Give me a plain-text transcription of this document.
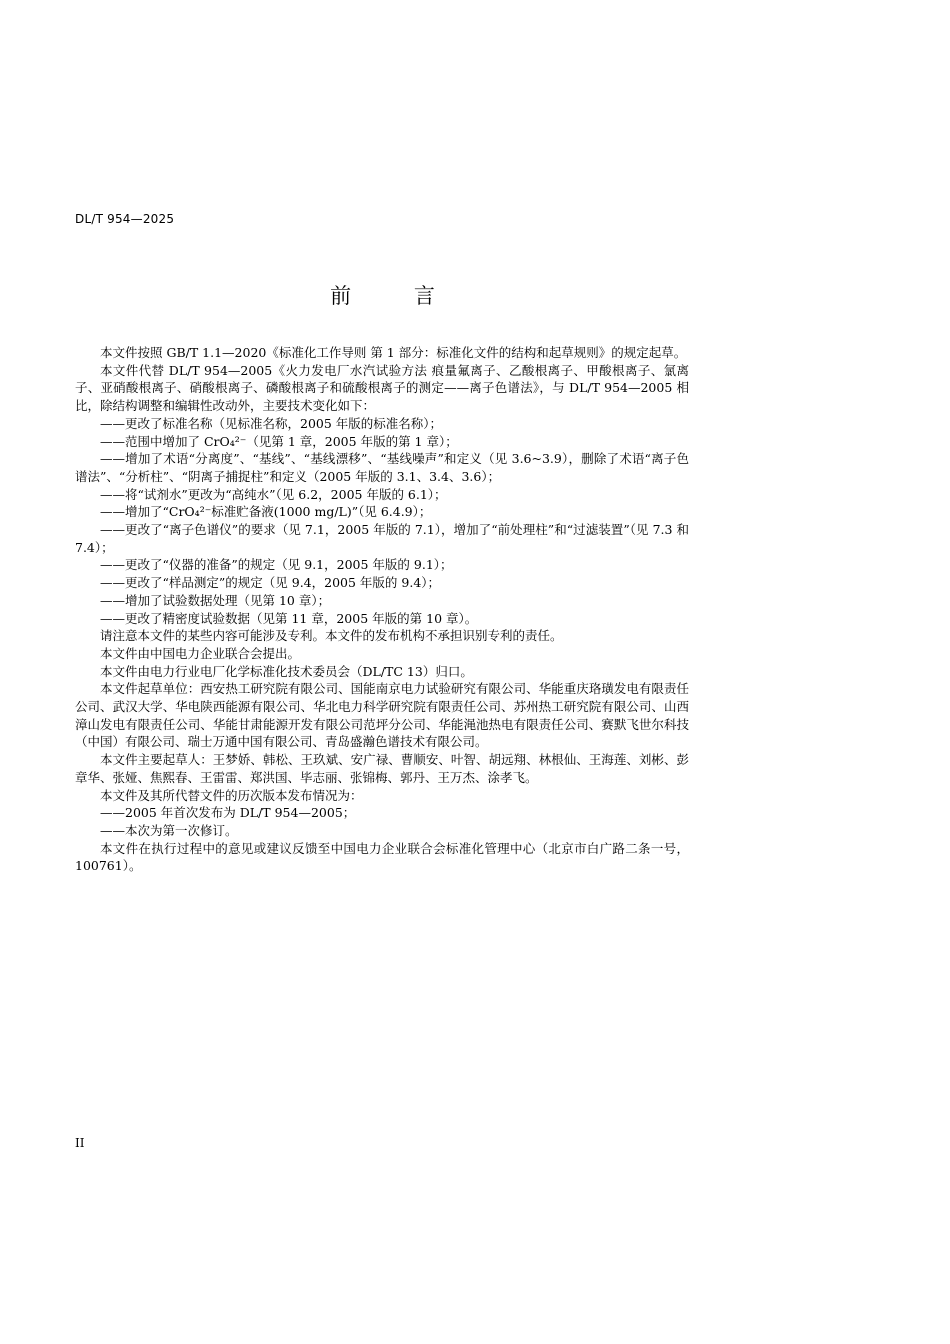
DL/T 954—2025
前 言

本文件按照 GB/T 1.1—2020《标准化工作导则 第 1 部分：标准化文件的结构和起草规则》的规定起草。

本文件代替 DL/T 954—2005《火力发电厂水汽试验方法 痕量氟离子、乙酸根离子、甲酸根离子、氯离子、亚硝酸根离子、硝酸根离子、磷酸根离子和硫酸根离子的测定——离子色谱法》，与 DL/T 954—2005 相比，除结构调整和编辑性改动外，主要技术变化如下：

——更改了标准名称（见标准名称，2005 年版的标准名称）；

——范围中增加了 CrO₄²⁻（见第 1 章，2005 年版的第 1 章）；

——增加了术语“分离度”、“基线”、“基线漂移”、“基线噪声”和定义（见 3.6~3.9），删除了术语“离子色谱法”、“分析柱”、“阴离子捕捉柱”和定义（2005 年版的 3.1、3.4、3.6）；

——将“试剂水”更改为“高纯水”（见 6.2，2005 年版的 6.1）；

——增加了“CrO₄²⁻标准贮备液(1000 mg/L)”（见 6.4.9）；

——更改了“离子色谱仪”的要求（见 7.1，2005 年版的 7.1），增加了“前处理柱”和“过滤装置”（见 7.3 和 7.4）；

——更改了“仪器的准备”的规定（见 9.1，2005 年版的 9.1）；

——更改了“样品测定”的规定（见 9.4，2005 年版的 9.4）；

——增加了试验数据处理（见第 10 章）；

——更改了精密度试验数据（见第 11 章，2005 年版的第 10 章）。

请注意本文件的某些内容可能涉及专利。本文件的发布机构不承担识别专利的责任。

本文件由中国电力企业联合会提出。

本文件由电力行业电厂化学标准化技术委员会（DL/TC 13）归口。

本文件起草单位：西安热工研究院有限公司、国能南京电力试验研究有限公司、华能重庆珞璜发电有限责任公司、武汉大学、华电陕西能源有限公司、华北电力科学研究院有限责任公司、苏州热工研究院有限公司、山西漳山发电有限责任公司、华能甘肃能源开发有限公司范坪分公司、华能渑池热电有限责任公司、赛默飞世尔科技（中国）有限公司、瑞士万通中国有限公司、青岛盛瀚色谱技术有限公司。

本文件主要起草人：王梦娇、韩松、王玖斌、安广禄、曹顺安、叶智、胡远翔、林根仙、王海莲、刘彬、彭章华、张娅、焦熙春、王雷雷、郑洪国、毕志丽、张锦梅、郭丹、王万杰、涂孝飞。

本文件及其所代替文件的历次版本发布情况为：

——2005 年首次发布为 DL/T 954—2005；

——本次为第一次修订。

本文件在执行过程中的意见或建议反馈至中国电力企业联合会标准化管理中心（北京市白广路二条一号，100761）。

II
